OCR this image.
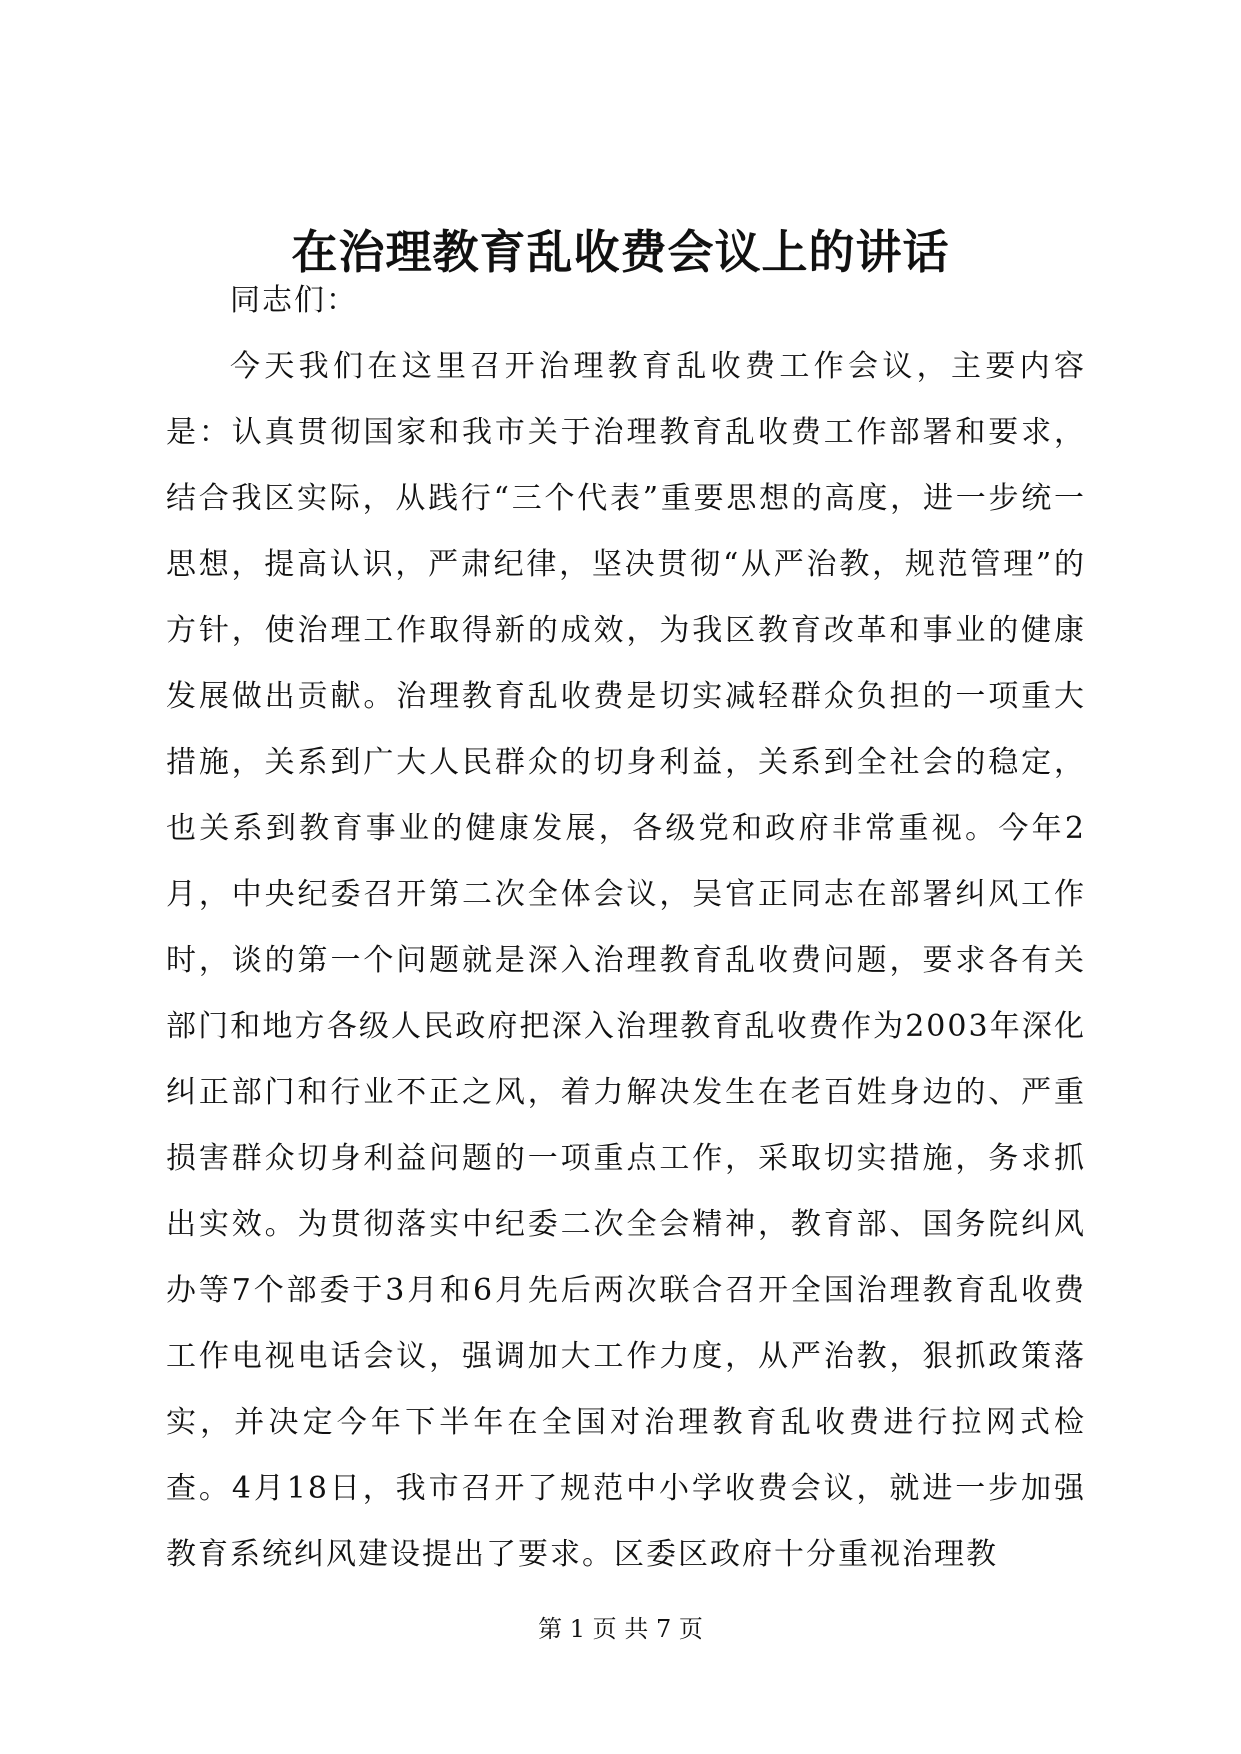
在治理教育乱收费会议上的讲话

同志们：

今天我们在这里召开治理教育乱收费工作会议，主要内容是：认真贯彻国家和我市关于治理教育乱收费工作部署和要求，结合我区实际，从践行“三个代表”重要思想的高度，进一步统一思想，提高认识，严肃纪律，坚决贯彻“从严治教，规范管理”的方针，使治理工作取得新的成效，为我区教育改革和事业的健康发展做出贡献。治理教育乱收费是切实减轻群众负担的一项重大措施，关系到广大人民群众的切身利益，关系到全社会的稳定，也关系到教育事业的健康发展，各级党和政府非常重视。今年2月，中央纪委召开第二次全体会议，吴官正同志在部署纠风工作时，谈的第一个问题就是深入治理教育乱收费问题，要求各有关部门和地方各级人民政府把深入治理教育乱收费作为2003年深化纠正部门和行业不正之风，着力解决发生在老百姓身边的、严重损害群众切身利益问题的一项重点工作，采取切实措施，务求抓出实效。为贯彻落实中纪委二次全会精神，教育部、国务院纠风办等7个部委于3月和6月先后两次联合召开全国治理教育乱收费工作电视电话会议，强调加大工作力度，从严治教，狠抓政策落实，并决定今年下半年在全国对治理教育乱收费进行拉网式检查。4月18日，我市召开了规范中小学收费会议，就进一步加强教育系统纠风建设提出了要求。区委区政府十分重视治理教

第 1 页 共 7 页
